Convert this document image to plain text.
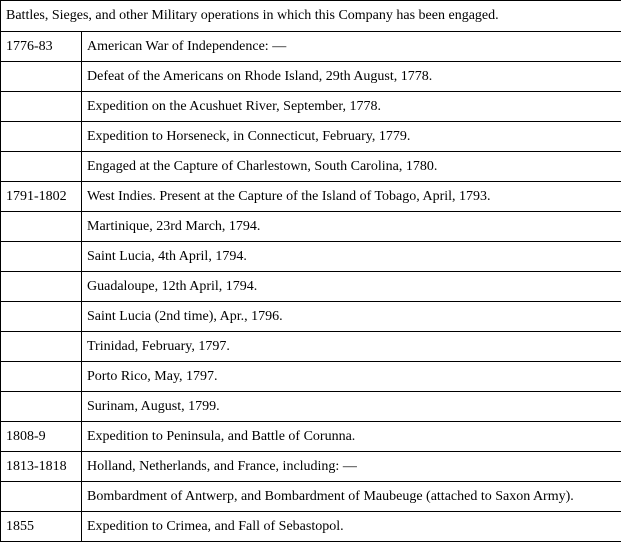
Battles, Sieges, and other Military operations in which this Company has been engaged.	
1776-83	American War of Independence: —
	Defeat of the Americans on Rhode Island, 29th August, 1778.
	Expedition on the Acushuet River, September, 1778.
	Expedition to Horseneck, in Connecticut, February, 1779.
	Engaged at the Capture of Charlestown, South Carolina, 1780.
1791-1802	West Indies. Present at the Capture of the Island of Tobago, April, 1793.
	Martinique, 23rd March, 1794.
	Saint Lucia, 4th April, 1794.
	Guadaloupe, 12th April, 1794.
	Saint Lucia (2nd time), Apr., 1796.
	Trinidad, February, 1797.
	Porto Rico, May, 1797.
	Surinam, August, 1799.
1808-9	Expedition to Peninsula, and Battle of Corunna.
1813-1818	Holland, Netherlands, and France, including: —
	Bombardment of Antwerp, and Bombardment of Maubeuge (attached to Saxon Army).
1855	Expedition to Crimea, and Fall of Sebastopol.
